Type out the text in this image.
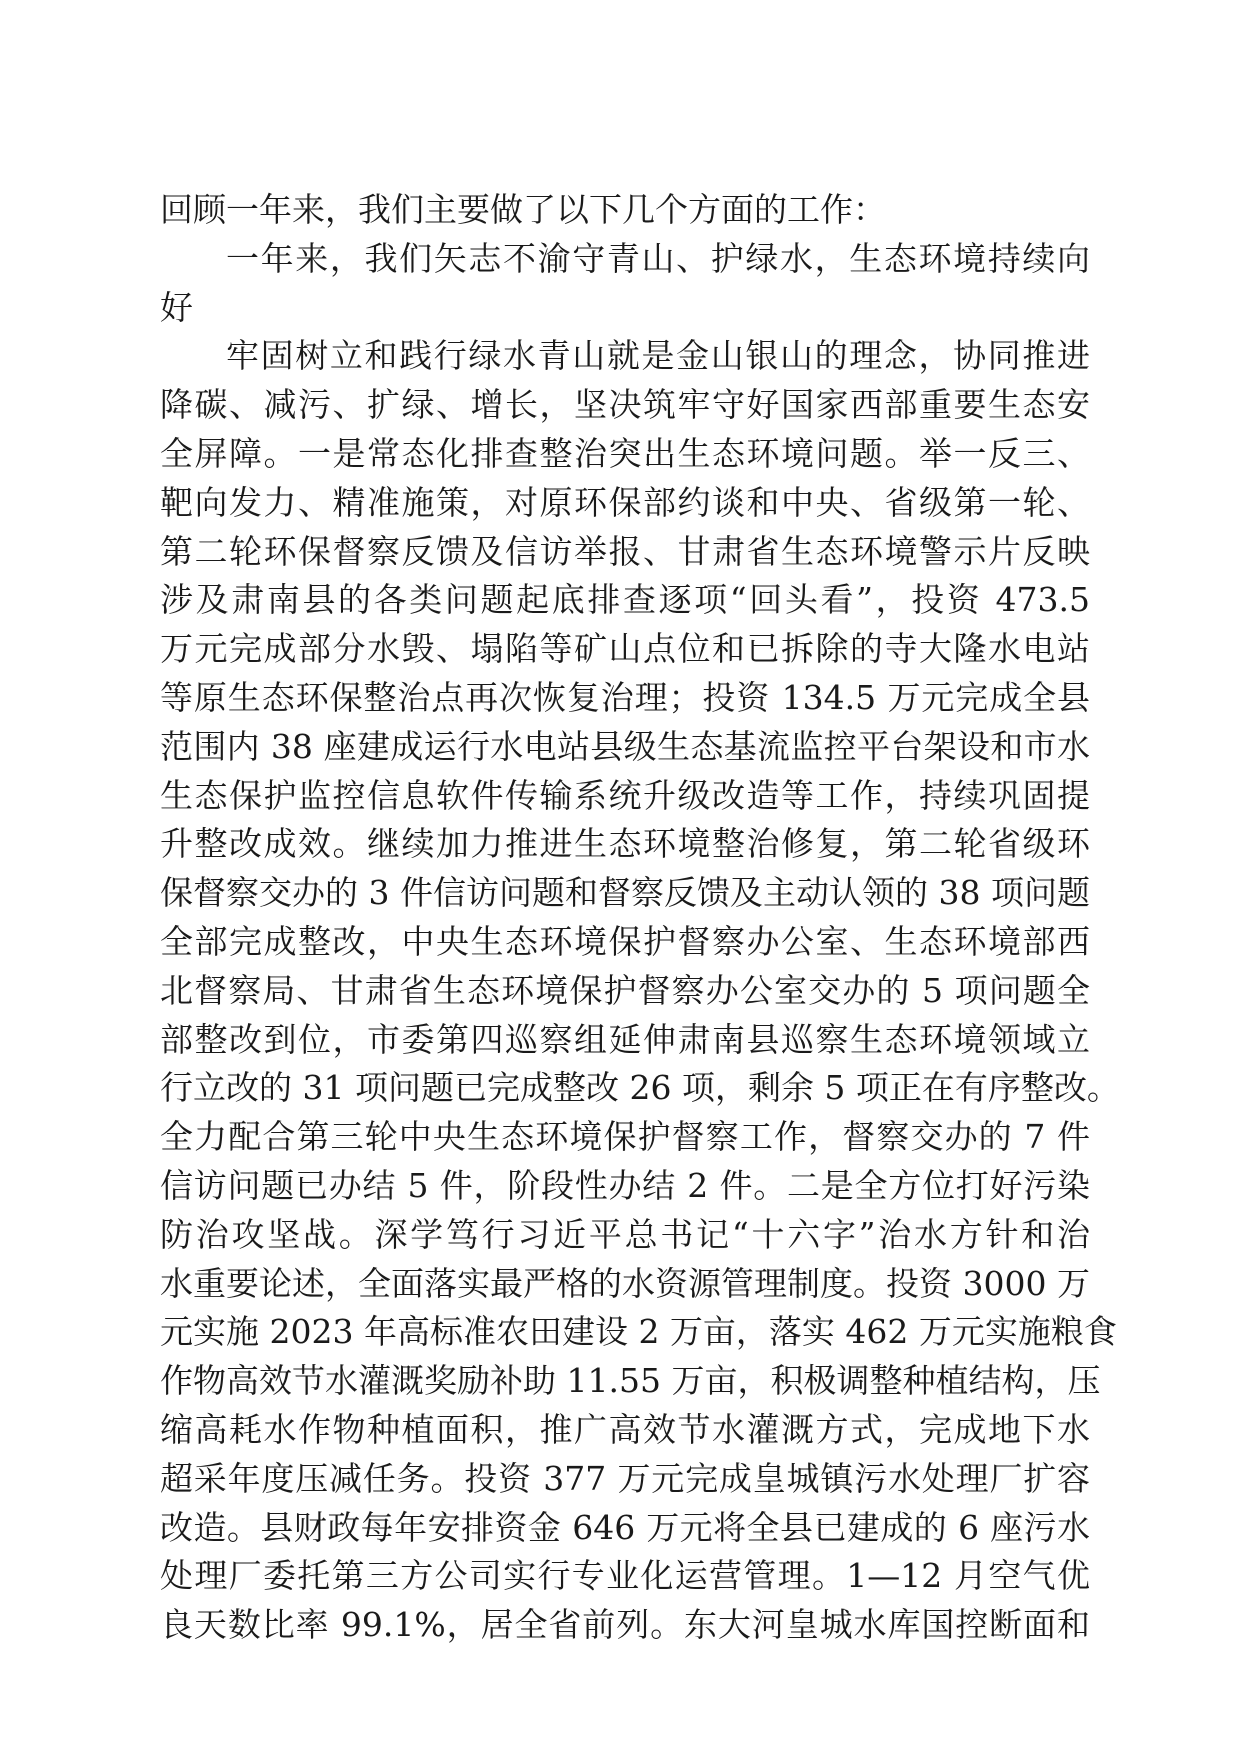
回顾一年来，我们主要做了以下几个方面的工作：
一年来，我们矢志不渝守青山、护绿水，生态环境持续向
好
牢固树立和践行绿水青山就是金山银山的理念，协同推进
降碳、减污、扩绿、增长，坚决筑牢守好国家西部重要生态安
全屏障。一是常态化排查整治突出生态环境问题。举一反三、
靶向发力、精准施策，对原环保部约谈和中央、省级第一轮、
第二轮环保督察反馈及信访举报、甘肃省生态环境警示片反映
涉及肃南县的各类问题起底排查逐项“回头看”，投资 473.5
万元完成部分水毁、塌陷等矿山点位和已拆除的寺大隆水电站
等原生态环保整治点再次恢复治理；投资 134.5 万元完成全县
范围内 38 座建成运行水电站县级生态基流监控平台架设和市水
生态保护监控信息软件传输系统升级改造等工作，持续巩固提
升整改成效。继续加力推进生态环境整治修复，第二轮省级环
保督察交办的 3 件信访问题和督察反馈及主动认领的 38 项问题
全部完成整改，中央生态环境保护督察办公室、生态环境部西
北督察局、甘肃省生态环境保护督察办公室交办的 5 项问题全
部整改到位，市委第四巡察组延伸肃南县巡察生态环境领域立
行立改的 31 项问题已完成整改 26 项，剩余 5 项正在有序整改。
全力配合第三轮中央生态环境保护督察工作，督察交办的 7 件
信访问题已办结 5 件，阶段性办结 2 件。二是全方位打好污染
防治攻坚战。深学笃行习近平总书记“十六字”治水方针和治
水重要论述，全面落实最严格的水资源管理制度。投资 3000 万
元实施 2023 年高标准农田建设 2 万亩，落实 462 万元实施粮食
作物高效节水灌溉奖励补助 11.55 万亩，积极调整种植结构，压
缩高耗水作物种植面积，推广高效节水灌溉方式，完成地下水
超采年度压减任务。投资 377 万元完成皇城镇污水处理厂扩容
改造。县财政每年安排资金 646 万元将全县已建成的 6 座污水
处理厂委托第三方公司实行专业化运营管理。1—12 月空气优
良天数比率 99.1%，居全省前列。东大河皇城水库国控断面和
